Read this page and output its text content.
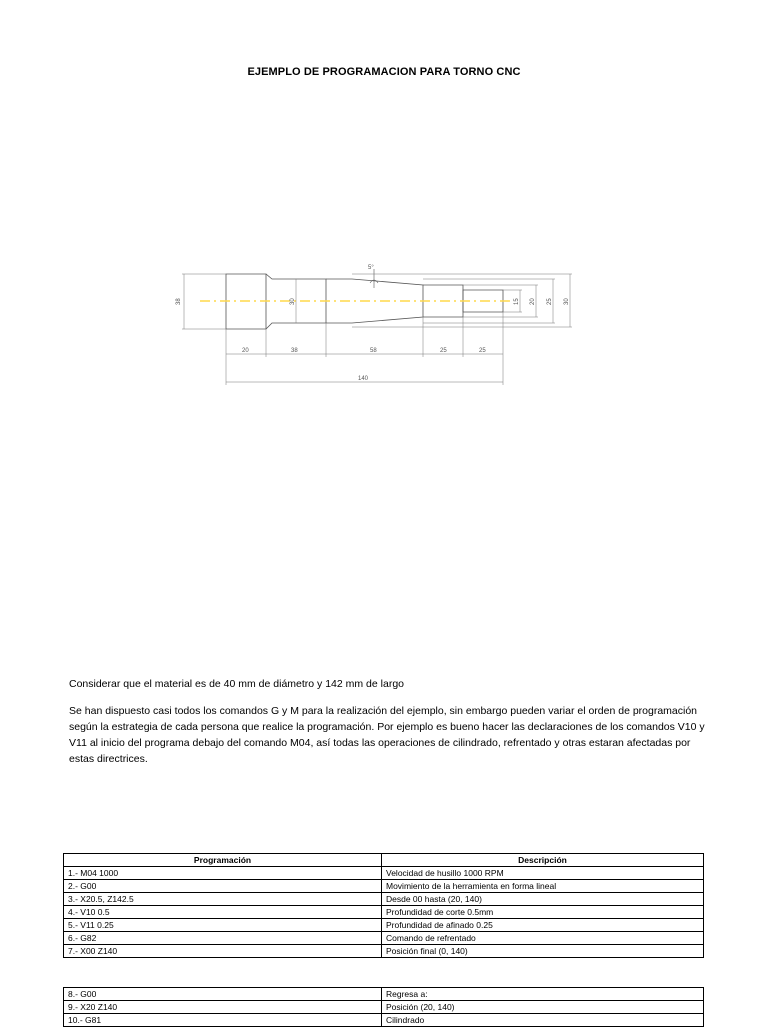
EJEMPLO DE PROGRAMACION PARA TORNO CNC
5°
38	30	15 20 25 30
20	38	58	25	25
140
Considerar que el material es de 40 mm de diámetro y 142 mm de largo
Se han dispuesto casi todos los comandos G y M para la realización del ejemplo, sin embargo pueden variar el orden de programación según la estrategia de cada persona que realice la programación. Por ejemplo es bueno hacer las declaraciones de los comandos V10 y V11 al inicio del programa debajo del comando M04, así todas las operaciones de cilindrado, refrentado y otras estaran afectadas por estas directrices.
Programación	Descripción
1.- M04 1000	Velocidad de husillo 1000 RPM
2.- G00	Movimiento de la herramienta en forma lineal
3.- X20.5, Z142.5	Desde 00 hasta (20, 140)
4.- V10 0.5	Profundidad de corte 0.5mm
5.- V11 0.25	Profundidad de afinado 0.25
6.- G82	Comando de refrentado
7.- X00 Z140	Posición final (0, 140)
8.- G00	Regresa a:
9.- X20 Z140	Posición (20, 140)
10.- G81	Cilindrado
